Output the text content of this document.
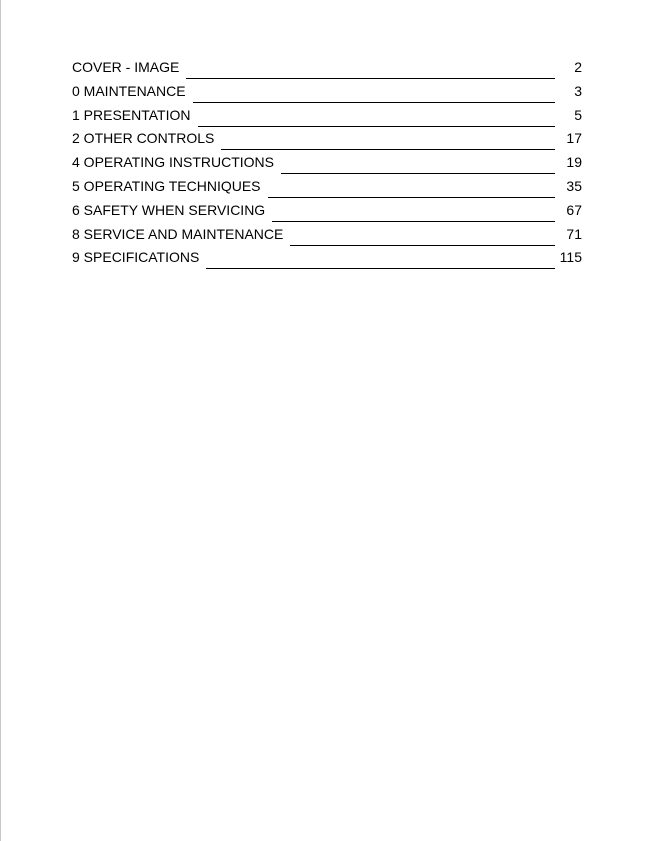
COVER - IMAGE	2
0 MAINTENANCE	3
1 PRESENTATION	5
2 OTHER CONTROLS	17
4 OPERATING INSTRUCTIONS	19
5 OPERATING TECHNIQUES	35
6 SAFETY WHEN SERVICING	67
8 SERVICE AND MAINTENANCE	71
9 SPECIFICATIONS	115
